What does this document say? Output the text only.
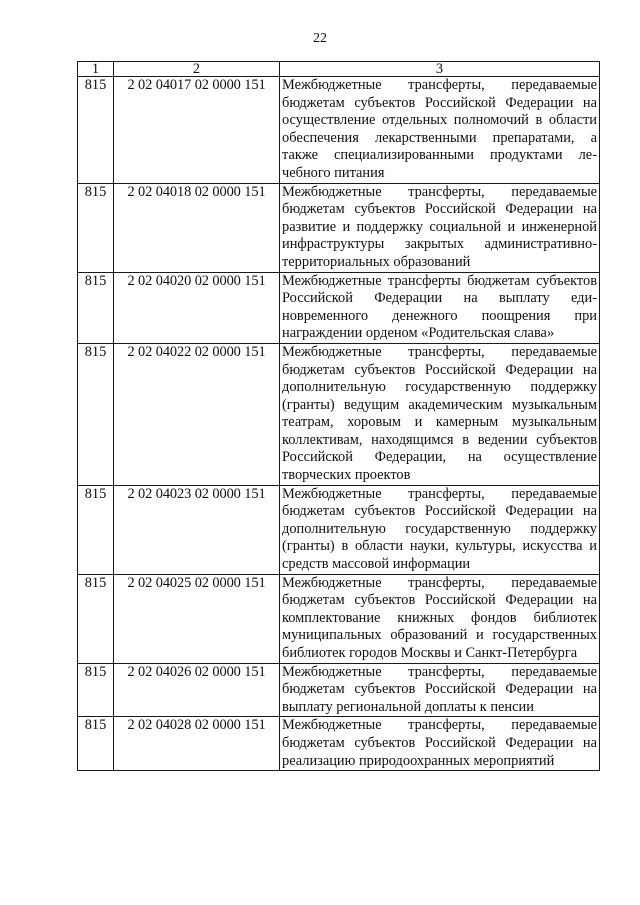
22
1	2	3
815	2 02 04017 02 0000 151	Межбюджетные трансферты, передаваемые бюджетам субъектов Российской Федерации на осуществление отдельных полномочий в области обеспечения лекарственными препаратами, а также специализированными продуктами лечебного питания
815	2 02 04018 02 0000 151	Межбюджетные трансферты, передаваемые бюджетам субъектов Российской Федерации на развитие и поддержку социальной и инженерной инфраструктуры закрытых административно-территориальных образований
815	2 02 04020 02 0000 151	Межбюджетные трансферты бюджетам субъектов Российской Федерации на выплату единовременного денежного поощрения при награждении орденом «Родительская слава»
815	2 02 04022 02 0000 151	Межбюджетные трансферты, передаваемые бюджетам субъектов Российской Федерации на дополнительную государственную поддержку (гранты) ведущим академическим музыкальным театрам, хоровым и камерным музыкальным коллективам, находящимся в ведении субъектов Российской Федерации, на осуществление творческих проектов
815	2 02 04023 02 0000 151	Межбюджетные трансферты, передаваемые бюджетам субъектов Российской Федерации на дополнительную государственную поддержку (гранты) в области науки, культуры, искусства и средств массовой информации
815	2 02 04025 02 0000 151	Межбюджетные трансферты, передаваемые бюджетам субъектов Российской Федерации на комплектование книжных фондов библиотек муниципальных образований и государственных библиотек городов Москвы и Санкт-Петербурга
815	2 02 04026 02 0000 151	Межбюджетные трансферты, передаваемые бюджетам субъектов Российской Федерации на выплату региональной доплаты к пенсии
815	2 02 04028 02 0000 151	Межбюджетные трансферты, передаваемые бюджетам субъектов Российской Федерации на реализацию природоохранных мероприятий
